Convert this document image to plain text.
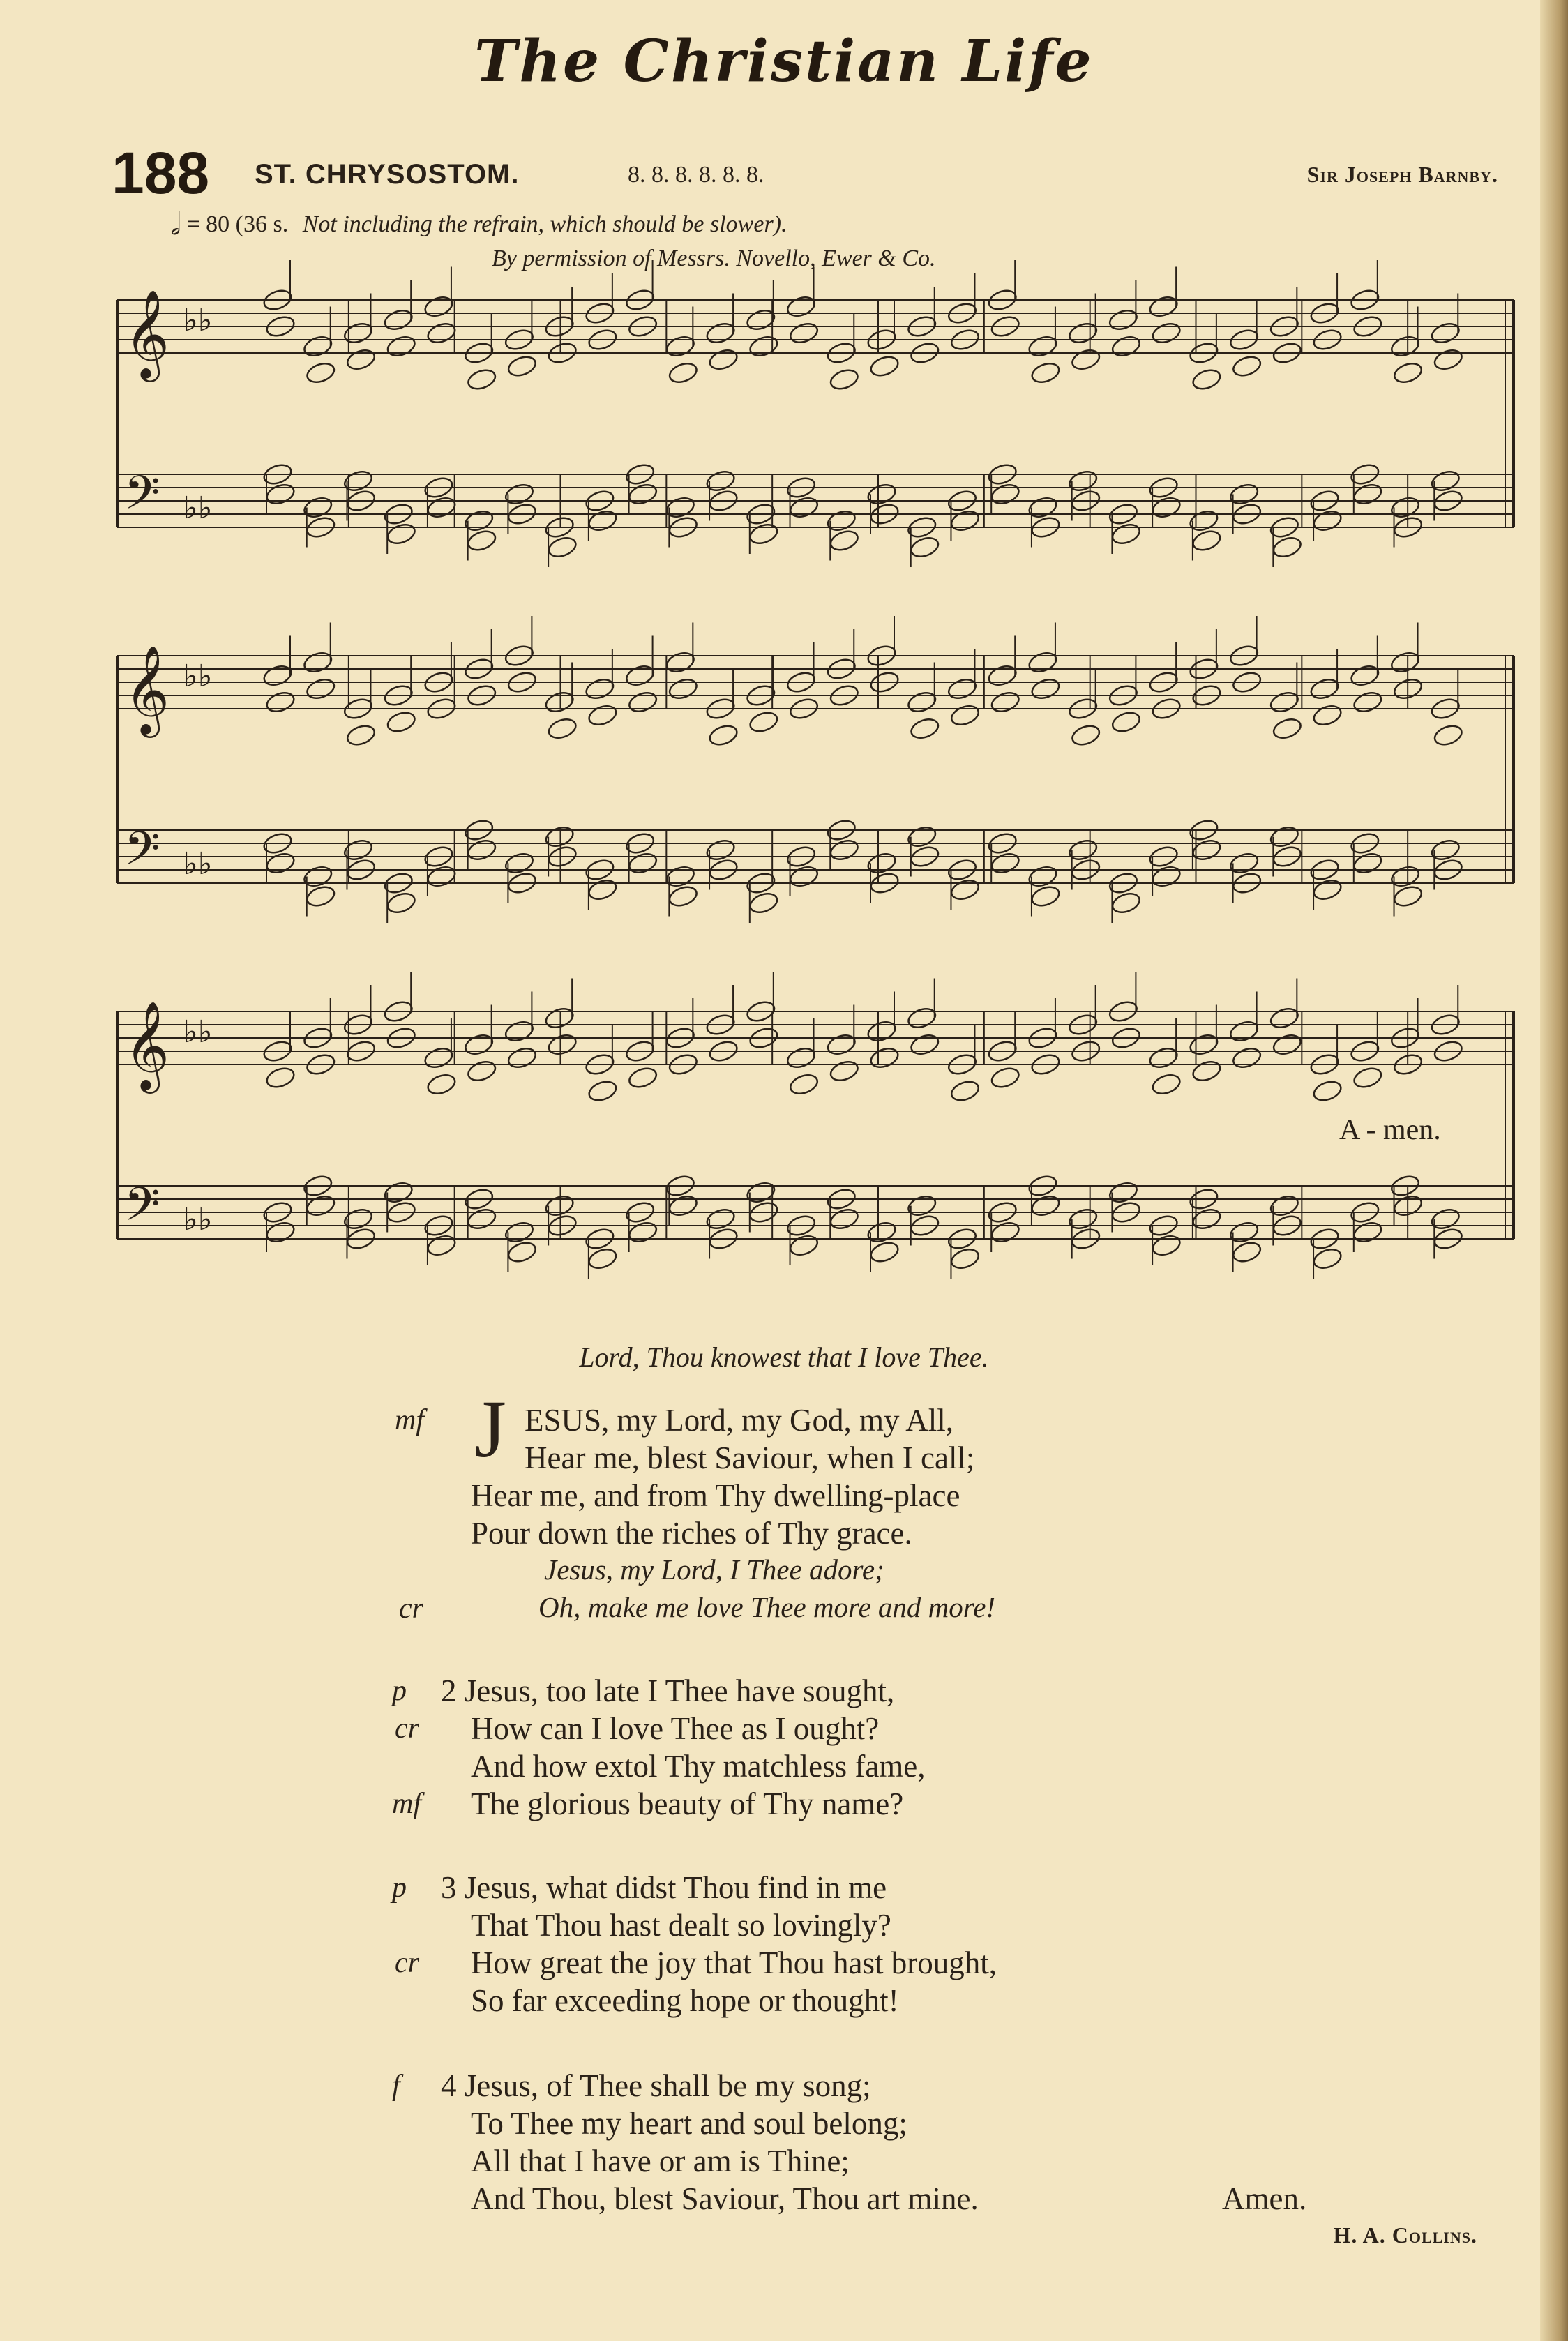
The Christian Life
188 ST. CHRYSOSTOM.	8. 8. 8. 8. 8. 8.	Sir Joseph Barnby.
𝅗𝅥 = 80 (36 s. Not including the refrain, which should be slower).
By permission of Messrs. Novello, Ewer & Co.
𝄞
𝄢
♭♭
♭♭
𝄞
𝄢
♭♭
♭♭
𝄞
𝄢
♭♭
♭♭
A - men.
Lord, Thou knowest that I love Thee.
mf J ESUS, my Lord, my God, my All,
Hear me, blest Saviour, when I call;
Hear me, and from Thy dwelling-place
Pour down the riches of Thy grace.
Jesus, my Lord, I Thee adore;
cr	Oh, make me love Thee more and more!
p 2 Jesus, too late I Thee have sought,
cr How can I love Thee as I ought?
And how extol Thy matchless fame,
mf The glorious beauty of Thy name?
p 3 Jesus, what didst Thou find in me
That Thou hast dealt so lovingly?
cr How great the joy that Thou hast brought,
So far exceeding hope or thought!
f 4 Jesus, of Thee shall be my song;
To Thee my heart and soul belong;
All that I have or am is Thine;
And Thou, blest Saviour, Thou art mine.	Amen.
H. A. Collins.
